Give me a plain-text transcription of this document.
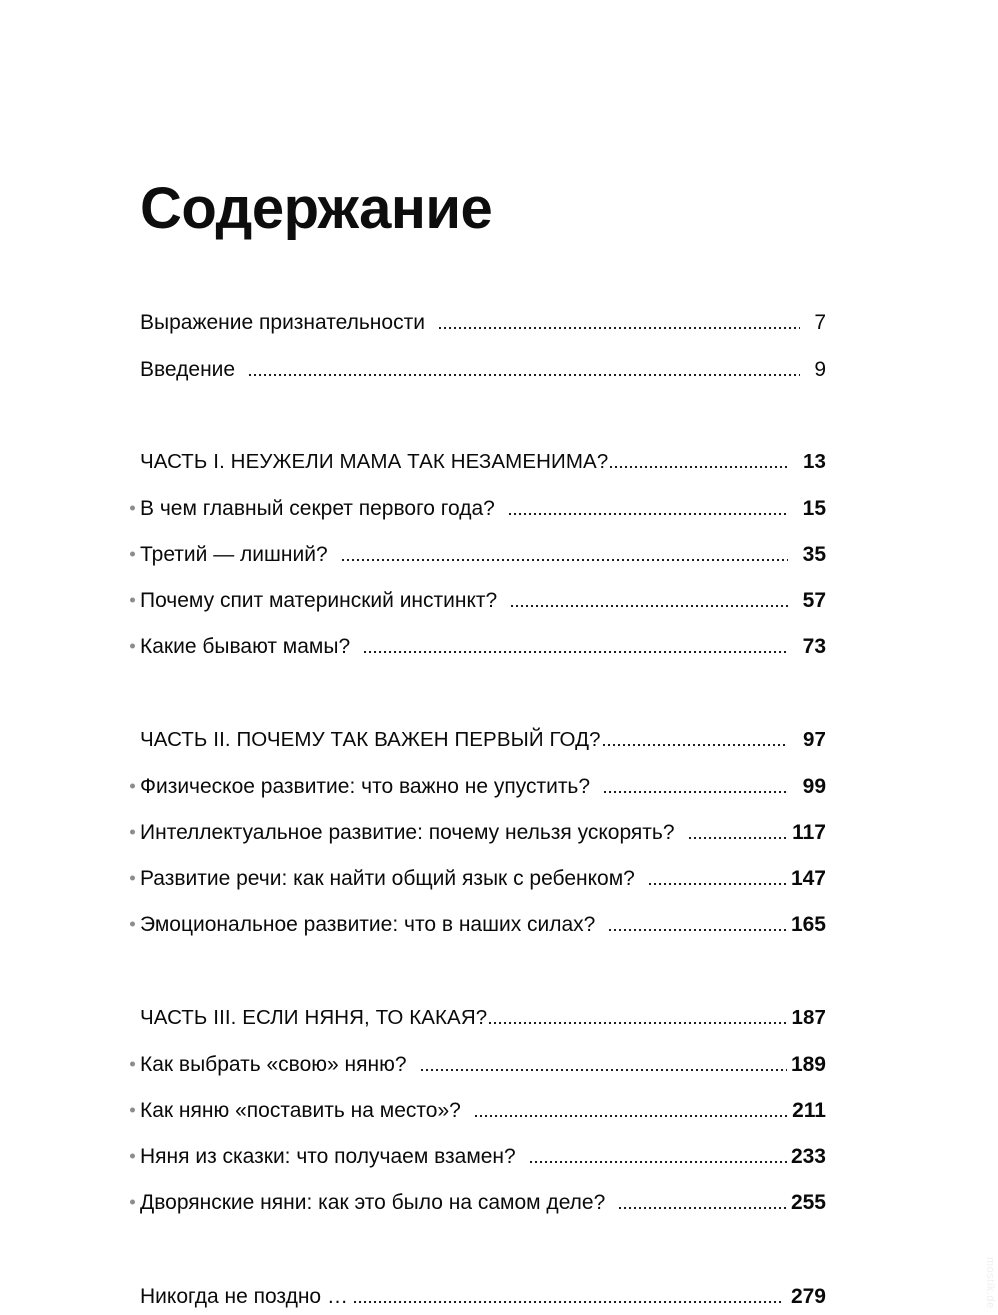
Содержание
Выражение признательности	7
Введение	9
ЧАСТЬ I. НЕУЖЕЛИ МАМА ТАК НЕЗАМЕНИМА?	13
В чем главный секрет первого года?	15
Третий — лишний?	35
Почему спит материнский инстинкт?	57
Какие бывают мамы?	73
ЧАСТЬ II. ПОЧЕМУ ТАК ВАЖЕН ПЕРВЫЙ ГОД?	97
Физическое развитие: что важно не упустить?	99
Интеллектуальное развитие: почему нельзя ускорять?	117
Развитие речи: как найти общий язык с ребенком?	147
Эмоциональное развитие: что в наших силах?	165
ЧАСТЬ III. ЕСЛИ НЯНЯ, ТО КАКАЯ?	187
Как выбрать «свою» няню?	189
Как няню «поставить на место»?	211
Няня из сказки: что получаем взамен?	233
Дворянские няни: как это было на самом деле?	255
Никогда не поздно …	279	mostik.de
